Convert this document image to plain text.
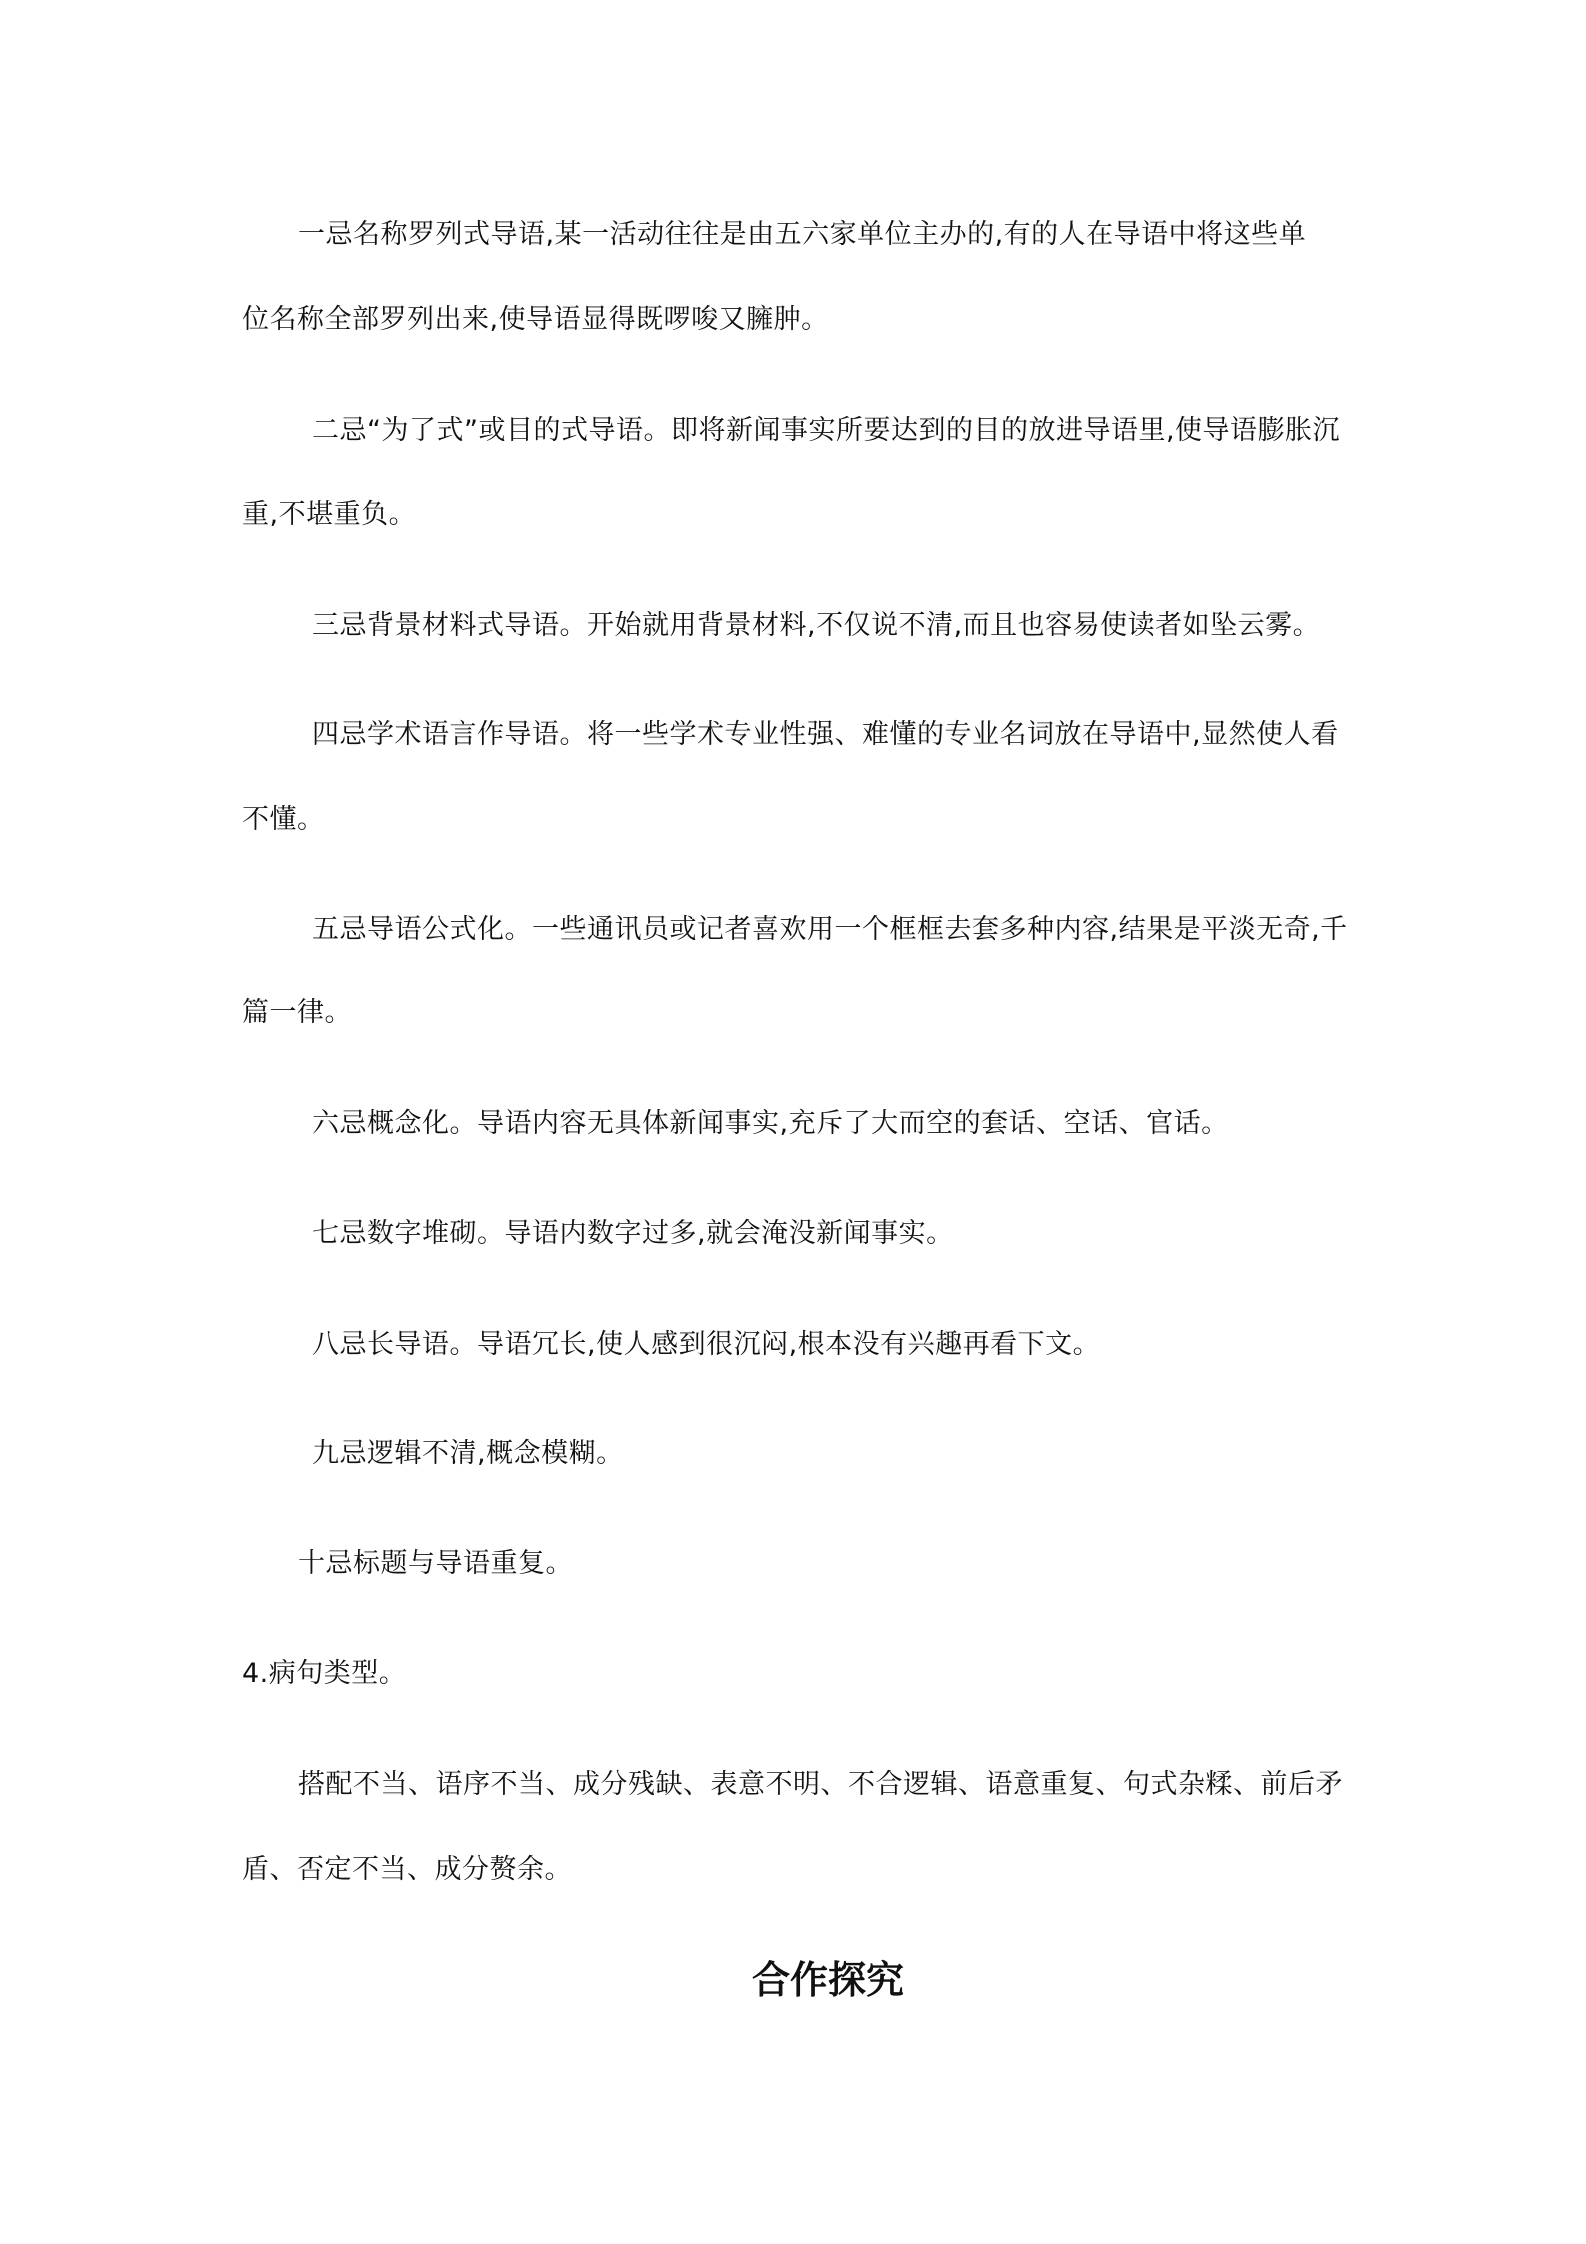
一忌名称罗列式导语,某一活动往往是由五六家单位主办的,有的人在导语中将这些单
位名称全部罗列出来,使导语显得既啰唆又臃肿。
二忌“为了式”或目的式导语。即将新闻事实所要达到的目的放进导语里,使导语膨胀沉
重,不堪重负。
三忌背景材料式导语。开始就用背景材料,不仅说不清,而且也容易使读者如坠云雾。
四忌学术语言作导语。将一些学术专业性强、难懂的专业名词放在导语中,显然使人看
不懂。
五忌导语公式化。一些通讯员或记者喜欢用一个框框去套多种内容,结果是平淡无奇,千
篇一律。
六忌概念化。导语内容无具体新闻事实,充斥了大而空的套话、空话、官话。
七忌数字堆砌。导语内数字过多,就会淹没新闻事实。
八忌长导语。导语冗长,使人感到很沉闷,根本没有兴趣再看下文。
九忌逻辑不清,概念模糊。
十忌标题与导语重复。
4.病句类型。
搭配不当、语序不当、成分残缺、表意不明、不合逻辑、语意重复、句式杂糅、前后矛
盾、否定不当、成分赘余。
合作探究
